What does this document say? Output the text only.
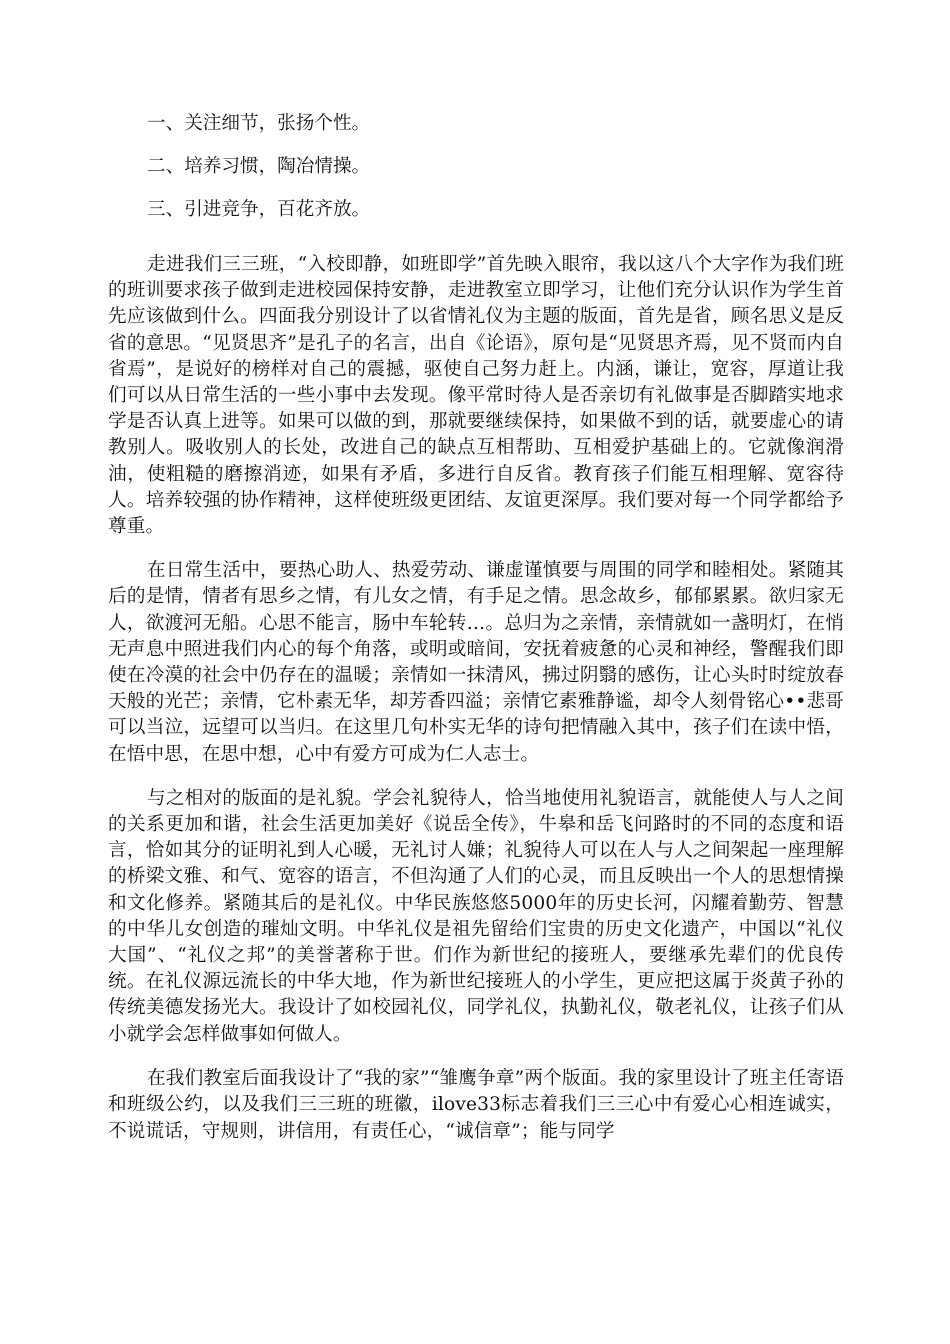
一、关注细节，张扬个性。
二、培养习惯，陶冶情操。
三、引进竞争，百花齐放。

走进我们三三班，“入校即静，如班即学”首先映入眼帘，我以这八个大字作为我们班的班训要求孩子做到走进校园保持安静，走进教室立即学习，让他们充分认识作为学生首先应该做到什么。四面我分别设计了以省情礼仪为主题的版面，首先是省，顾名思义是反省的意思。“见贤思齐”是孔子的名言，出自《论语》，原句是“见贤思齐焉，见不贤而内自省焉”，是说好的榜样对自己的震撼，驱使自己努力赶上。内涵，谦让，宽容，厚道让我们可以从日常生活的一些小事中去发现。像平常时待人是否亲切有礼做事是否脚踏实地求学是否认真上进等。如果可以做的到，那就要继续保持，如果做不到的话，就要虚心的请教别人。吸收别人的长处，改进自己的缺点互相帮助、互相爱护基础上的。它就像润滑油，使粗糙的磨擦消迹，如果有矛盾，多进行自反省。教育孩子们能互相理解、宽容待人。培养较强的协作精神，这样使班级更团结、友谊更深厚。我们要对每一个同学都给予尊重。

在日常生活中，要热心助人、热爱劳动、谦虚谨慎要与周围的同学和睦相处。紧随其后的是情，情者有思乡之情，有儿女之情，有手足之情。思念故乡，郁郁累累。欲归家无人，欲渡河无船。心思不能言，肠中车轮转…。总归为之亲情，亲情就如一盏明灯，在悄无声息中照进我们内心的每个角落，或明或暗间，安抚着疲惫的心灵和神经，警醒我们即使在冷漠的社会中仍存在的温暖；亲情如一抹清风，拂过阴翳的感伤，让心头时时绽放春天般的光芒；亲情，它朴素无华，却芳香四溢；亲情它素雅静谧，却令人刻骨铭心••悲哥可以当泣，远望可以当归。在这里几句朴实无华的诗句把情融入其中，孩子们在读中悟，在悟中思，在思中想，心中有爱方可成为仁人志士。

与之相对的版面的是礼貌。学会礼貌待人，恰当地使用礼貌语言，就能使人与人之间的关系更加和谐，社会生活更加美好《说岳全传》，牛皋和岳飞问路时的不同的态度和语言，恰如其分的证明礼到人心暖，无礼讨人嫌；礼貌待人可以在人与人之间架起一座理解的桥梁文雅、和气、宽容的语言，不但沟通了人们的心灵，而且反映出一个人的思想情操和文化修养。紧随其后的是礼仪。中华民族悠悠5000年的历史长河，闪耀着勤劳、智慧的中华儿女创造的璀灿文明。中华礼仪是祖先留给们宝贵的历史文化遗产，中国以“礼仪大国”、“礼仪之邦”的美誉著称于世。们作为新世纪的接班人，要继承先辈们的优良传统。在礼仪源远流长的中华大地，作为新世纪接班人的小学生，更应把这属于炎黄子孙的传统美德发扬光大。我设计了如校园礼仪，同学礼仪，执勤礼仪，敬老礼仪，让孩子们从小就学会怎样做事如何做人。

在我们教室后面我设计了“我的家”“雏鹰争章”两个版面。我的家里设计了班主任寄语和班级公约，以及我们三三班的班徽，ilove33标志着我们三三心中有爱心心相连诚实，不说谎话，守规则，讲信用，有责任心，“诚信章”；能与同学
